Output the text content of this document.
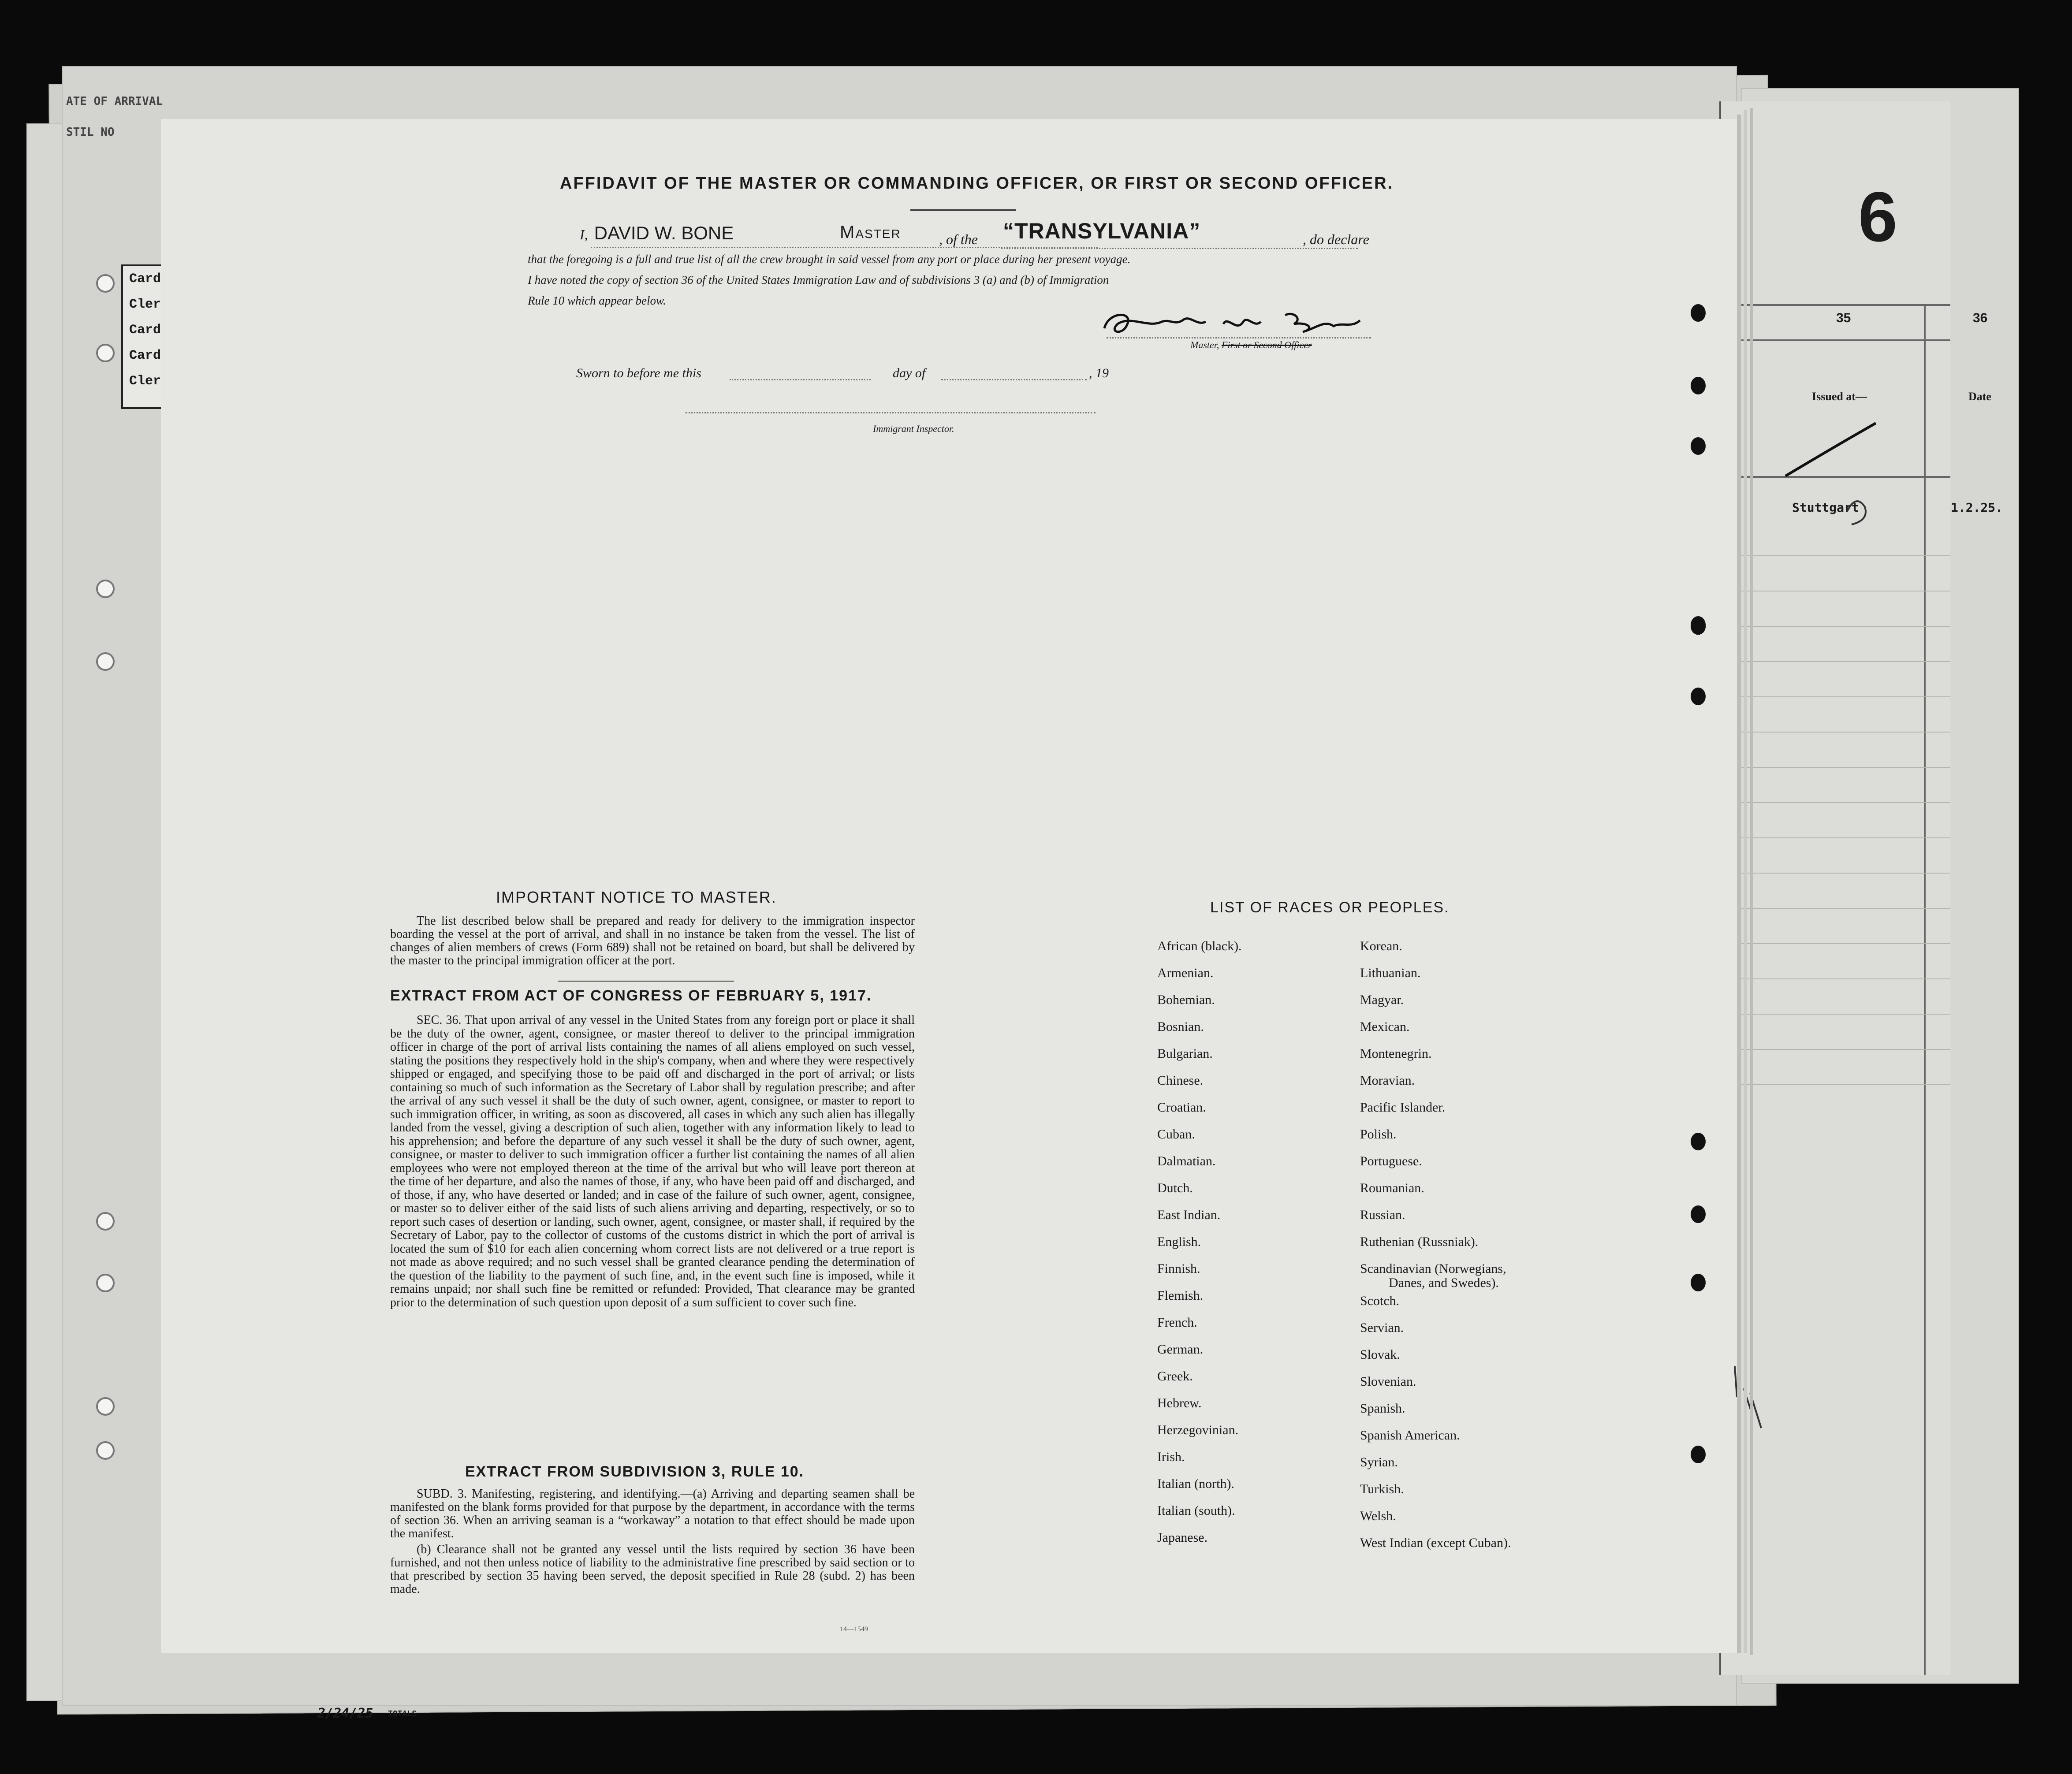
ATE OF ARRIVAL
STIL NO
Card
Cler
Card
Card
Cler
6
35	36
Issued at—	Date
Stuttgart	1.2.25.
2/24/25 TOTALS
AFFIDAVIT OF THE MASTER OR COMMANDING OFFICER, OR FIRST OR SECOND OFFICER.
I, DAVID W. BONE	Master	, of the “TRANSYLVANIA”	, do declare
that the foregoing is a full and true list of all the crew brought in said vessel from any port or place during her present voyage.
I have noted the copy of section 36 of the United States Immigration Law and of subdivisions 3 (a) and (b) of Immigration
Rule 10 which appear below.
Master, First or Second Officer
Sworn to before me this	day of	, 19
Immigrant Inspector.
IMPORTANT NOTICE TO MASTER.

The list described below shall be prepared and ready for delivery to the immigration inspector boarding the vessel at the port of arrival, and shall in no instance be taken from the vessel. The list of changes of alien members of crews (Form 689) shall not be retained on board, but shall be delivered by the master to the principal immigration officer at the port.

EXTRACT FROM ACT OF CONGRESS OF FEBRUARY 5, 1917.

SEC. 36. That upon arrival of any vessel in the United States from any foreign port or place it shall be the duty of the owner, agent, consignee, or master thereof to deliver to the principal immigration officer in charge of the port of arrival lists containing the names of all aliens employed on such vessel, stating the positions they respectively hold in the ship's company, when and where they were respectively shipped or engaged, and specifying those to be paid off and discharged in the port of arrival; or lists containing so much of such information as the Secretary of Labor shall by regulation prescribe; and after the arrival of any such vessel it shall be the duty of such owner, agent, consignee, or master to report to such immigration officer, in writing, as soon as discovered, all cases in which any such alien has illegally landed from the vessel, giving a description of such alien, together with any information likely to lead to his apprehension; and before the departure of any such vessel it shall be the duty of such owner, agent, consignee, or master to deliver to such immigration officer a further list containing the names of all alien employees who were not employed thereon at the time of the arrival but who will leave port thereon at the time of her departure, and also the names of those, if any, who have been paid off and discharged, and of those, if any, who have deserted or landed; and in case of the failure of such owner, agent, consignee, or master so to deliver either of the said lists of such aliens arriving and departing, respectively, or so to report such cases of desertion or landing, such owner, agent, consignee, or master shall, if required by the Secretary of Labor, pay to the collector of customs of the customs district in which the port of arrival is located the sum of $10 for each alien concerning whom correct lists are not delivered or a true report is not made as above required; and no such vessel shall be granted clearance pending the determination of the question of the liability to the payment of such fine, and, in the event such fine is imposed, while it remains unpaid; nor shall such fine be remitted or refunded: Provided, That clearance may be granted prior to the determination of such question upon deposit of a sum sufficient to cover such fine.

EXTRACT FROM SUBDIVISION 3, RULE 10.

SUBD. 3. Manifesting, registering, and identifying.—(a) Arriving and departing seamen shall be manifested on the blank forms provided for that purpose by the department, in accordance with the terms of section 36. When an arriving seaman is a “workaway” a notation to that effect should be made upon the manifest.

(b) Clearance shall not be granted any vessel until the lists required by section 36 have been furnished, and not then unless notice of liability to the administrative fine prescribed by said section or to that prescribed by section 35 having been served, the deposit specified in Rule 28 (subd. 2) has been made.

14—1549
LIST OF RACES OR PEOPLES.
African (black).
Armenian.
Bohemian.
Bosnian.
Bulgarian.
Chinese.
Croatian.
Cuban.
Dalmatian.
Dutch.
East Indian.
English.
Finnish.
Flemish.
French.
German.
Greek.
Hebrew.
Herzegovinian.
Irish.
Italian (north).
Italian (south).
Japanese.
Korean.
Lithuanian.
Magyar.
Mexican.
Montenegrin.
Moravian.
Pacific Islander.
Polish.
Portuguese.
Roumanian.
Russian.
Ruthenian (Russniak).
Scandinavian (Norwegians,
Danes, and Swedes).
Scotch.
Servian.
Slovak.
Slovenian.
Spanish.
Spanish American.
Syrian.
Turkish.
Welsh.
West Indian (except Cuban).
